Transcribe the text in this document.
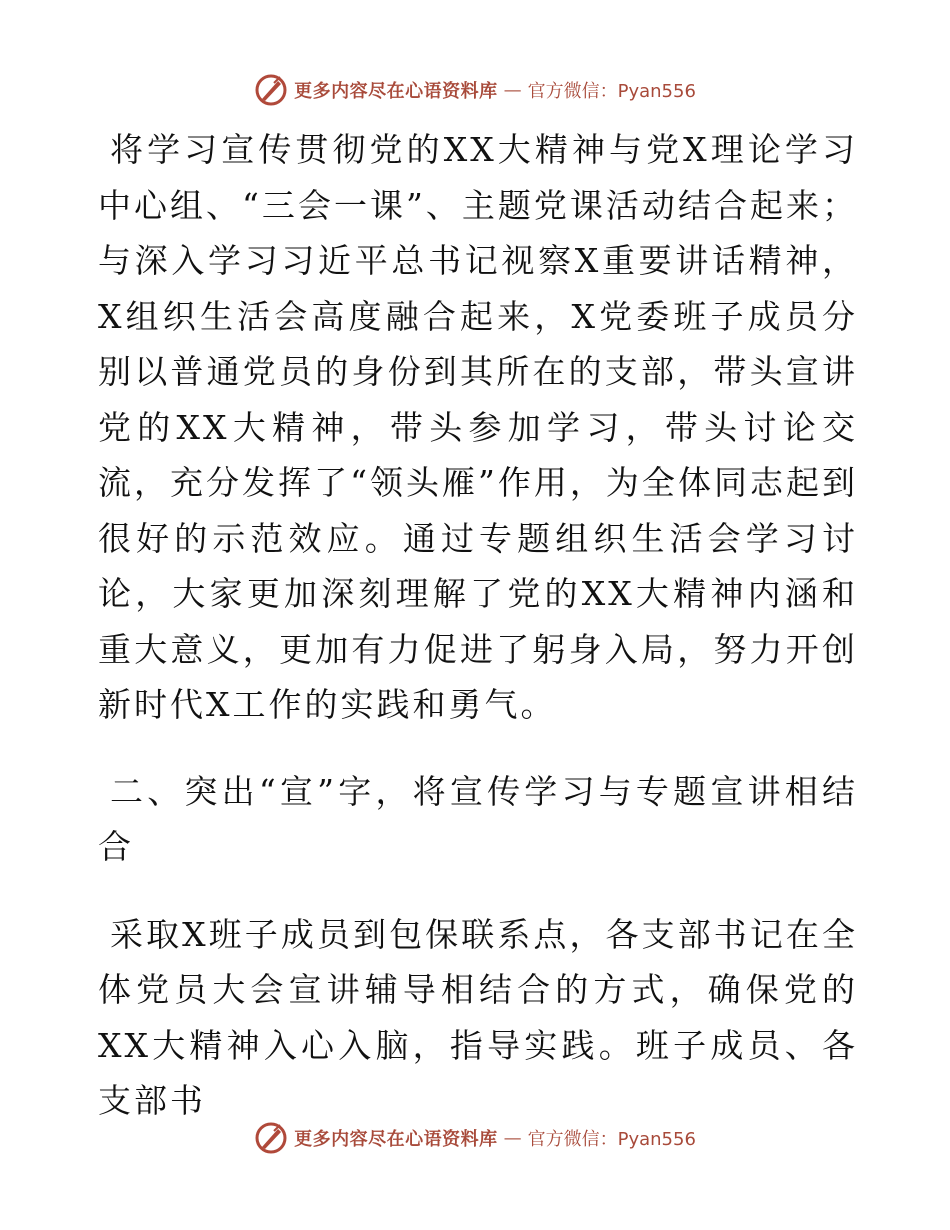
更多内容尽在心语资料库 — 官方微信：Pyan556

将学习宣传贯彻党的XX大精神与党X理论学习中心组、“三会一课”、主题党课活动结合起来；与深入学习习近平总书记视察X重要讲话精神，X组织生活会高度融合起来，X党委班子成员分别以普通党员的身份到其所在的支部，带头宣讲党的XX大精神，带头参加学习，带头讨论交流，充分发挥了“领头雁”作用，为全体同志起到很好的示范效应。通过专题组织生活会学习讨论，大家更加深刻理解了党的XX大精神内涵和重大意义，更加有力促进了躬身入局，努力开创新时代X工作的实践和勇气。

二、突出“宣”字，将宣传学习与专题宣讲相结合

采取X班子成员到包保联系点，各支部书记在全体党员大会宣讲辅导相结合的方式，确保党的XX大精神入心入脑，指导实践。班子成员、各支部书

更多内容尽在心语资料库 — 官方微信：Pyan556
